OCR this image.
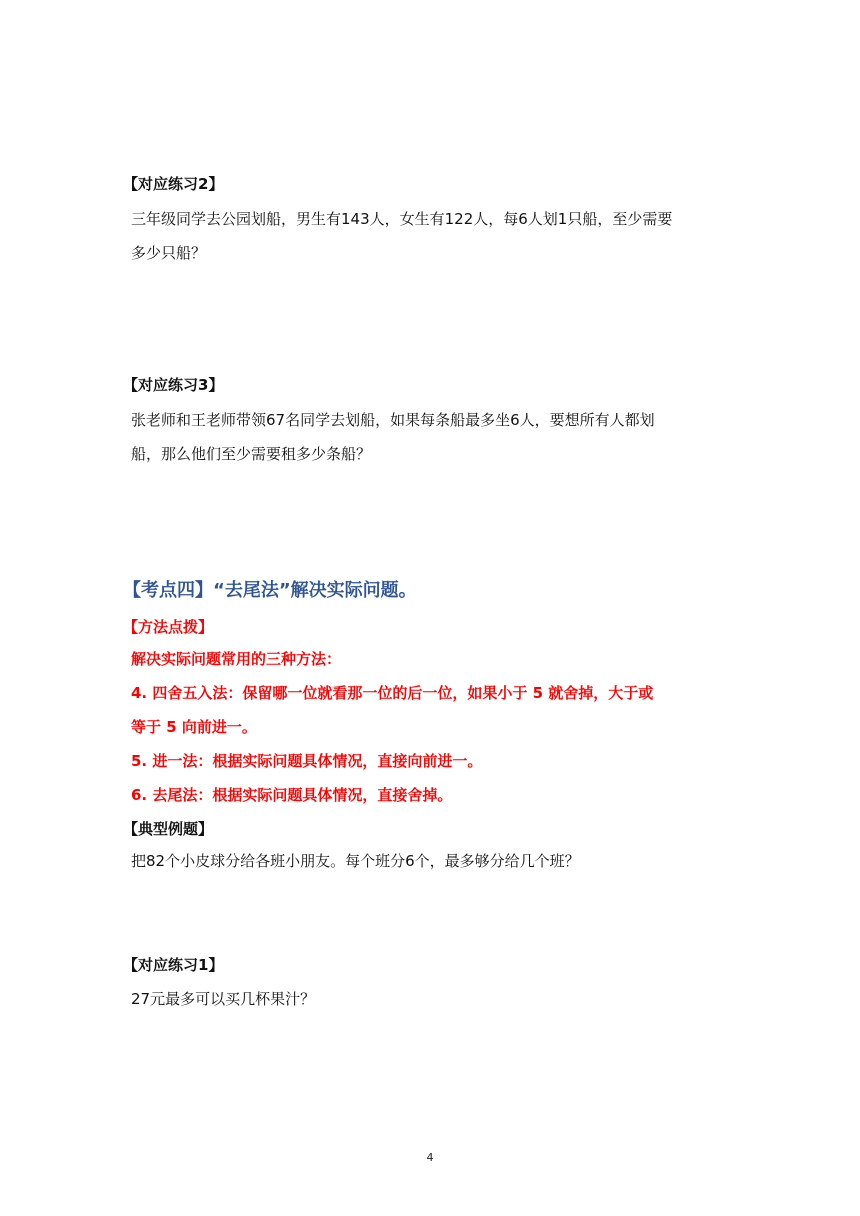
【对应练习2】
三年级同学去公园划船，男生有143人，女生有122人，每6人划1只船，至少需要
多少只船？
【对应练习3】
张老师和王老师带领67名同学去划船，如果每条船最多坐6人，要想所有人都划
船，那么他们至少需要租多少条船？
【考点四】“去尾法”解决实际问题。
【方法点拨】
解决实际问题常用的三种方法：
4. 四舍五入法：保留哪一位就看那一位的后一位，如果小于 5 就舍掉，大于或
等于 5 向前进一。
5. 进一法：根据实际问题具体情况，直接向前进一。
6. 去尾法：根据实际问题具体情况，直接舍掉。
【典型例题】
把82个小皮球分给各班小朋友。每个班分6个，最多够分给几个班？
【对应练习1】
27元最多可以买几杯果汁？
4
